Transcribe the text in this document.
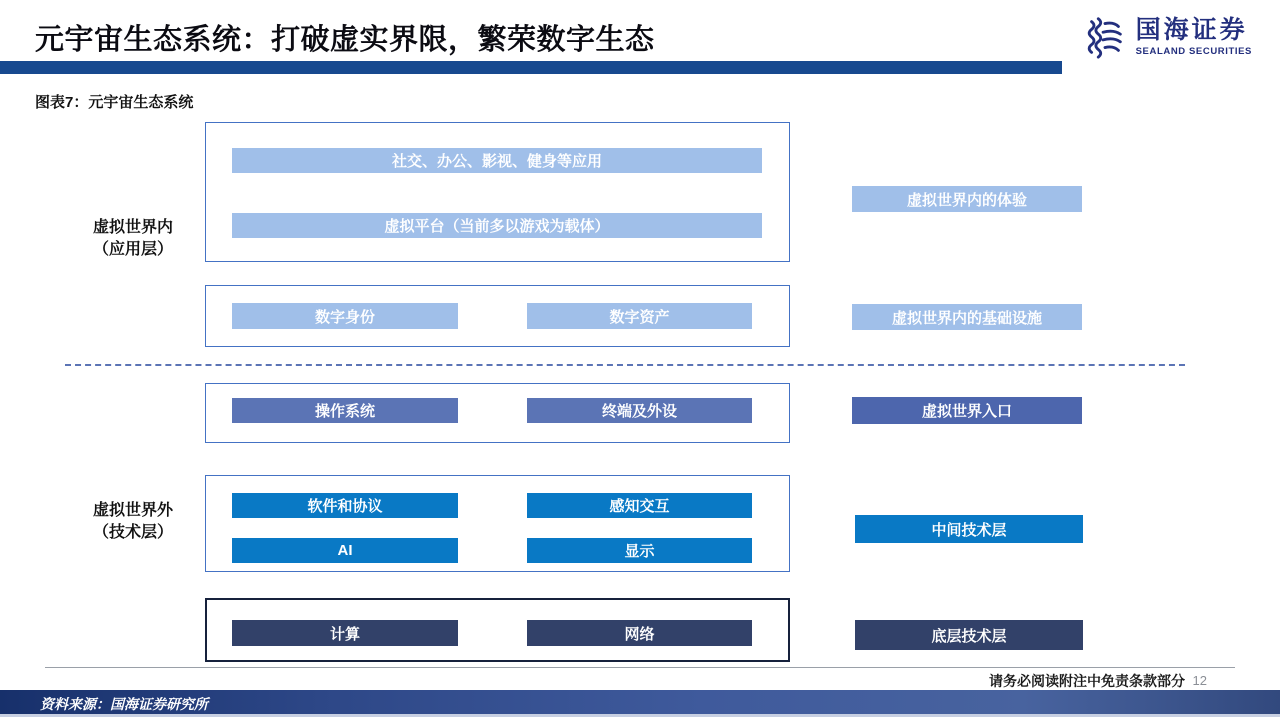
元宇宙生态系统：打破虚实界限，繁荣数字生态	国海证券
SEALAND SECURITIES
图表7：元宇宙生态系统
虚拟世界内
（应用层）
虚拟世界外
（技术层）
社交、办公、影视、健身等应用
虚拟平台（当前多以游戏为载体）
数字身份	数字资产
操作系统	终端及外设
软件和协议	感知交互
AI	显示
计算	网络
虚拟世界内的体验
虚拟世界内的基础设施
虚拟世界入口
中间技术层
底层技术层
请务必阅读附注中免责条款部分 12
资料来源：国海证券研究所
